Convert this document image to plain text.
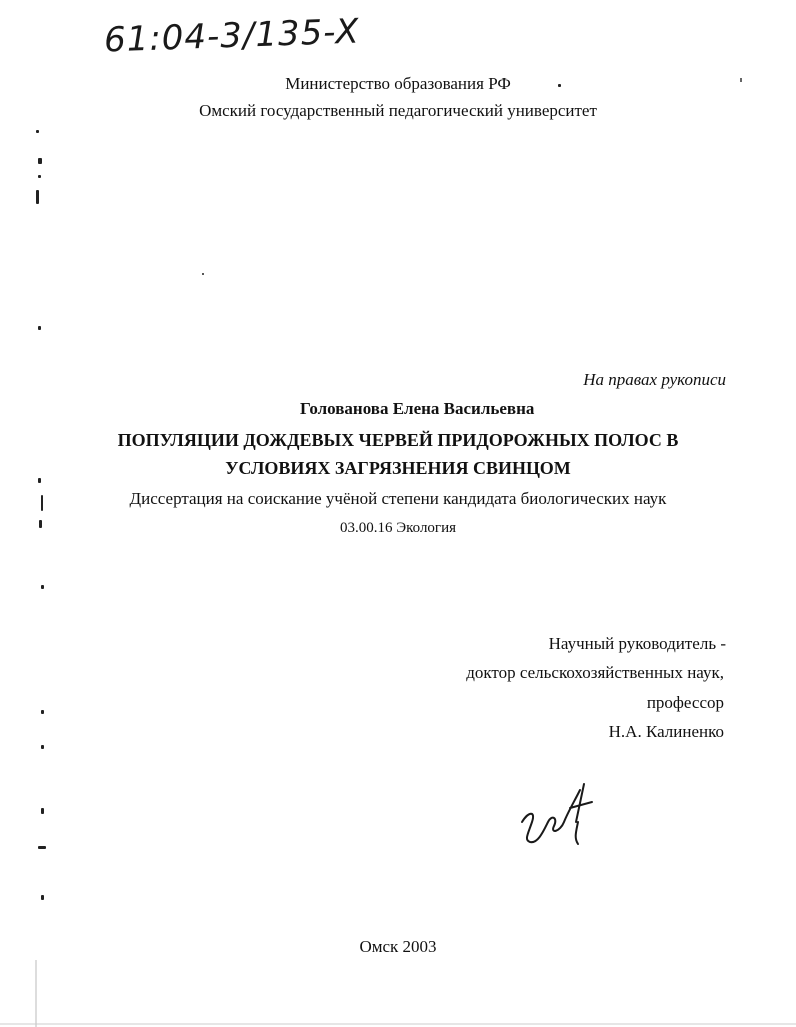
61:04-3/135-X
Министерство образования РФ
Омский государственный педагогический университет
На правах рукописи
Голованова Елена Васильевна
ПОПУЛЯЦИИ ДОЖДЕВЫХ ЧЕРВЕЙ ПРИДОРОЖНЫХ ПОЛОС В
УСЛОВИЯХ ЗАГРЯЗНЕНИЯ СВИНЦОМ
Диссертация на соискание учёной степени кандидата биологических наук
03.00.16 Экология
Научный руководитель -
доктор сельскохозяйственных наук,
профессор
Н.А. Калиненко
Омск 2003
